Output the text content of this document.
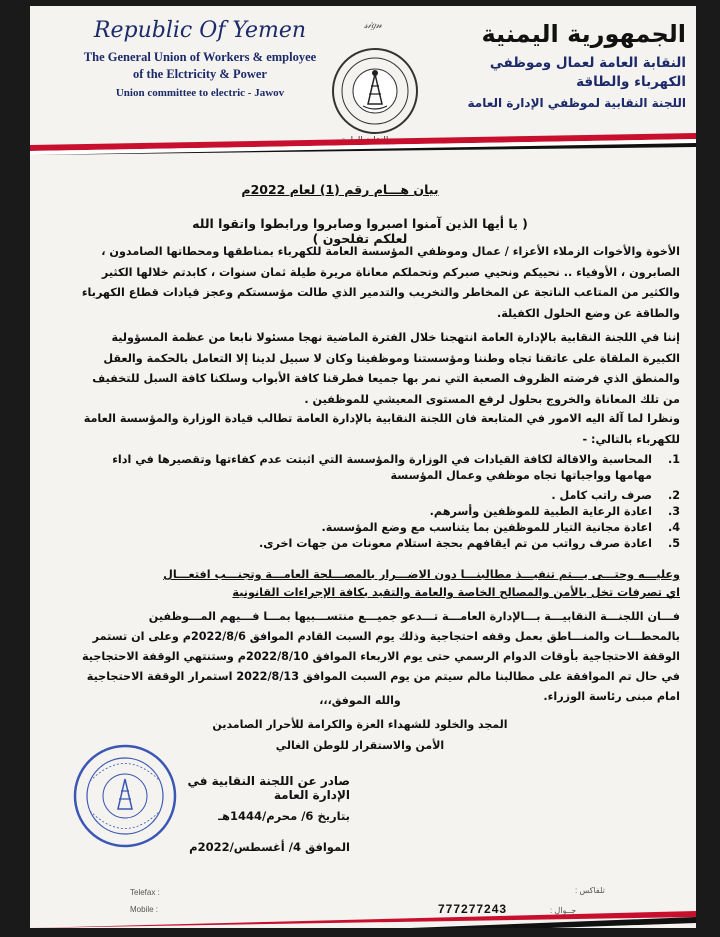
Republic Of Yemen
The General Union of Workers & employee
of the Elctricity & Power
Union committee to electric - Jawov
𝓈𝒾𝑔𝓃	الجمهورية اليمنية
النقابة العامة لعمال وموظفي
الكهرباء والطاقة
اللجنة النقابية لموظفي الإدارة العامة
بيان هـــام رقم (1) لعام 2022م
( يا أيها الذين آمنوا اصبروا وصابروا ورابطوا واتقوا الله لعلكم تفلحون )
الأخوة والأخوات الزملاء الأعزاء / عمال وموظفي المؤسسة العامة للكهرباء بمناطقها ومحطاتها الصامدون ، الصابرون ، الأوفياء .. نحييكم ونحيي صبركم وتحملكم معاناة مريرة طيلة ثمان سنوات ، كابدتم خلالها الكثير والكثير من المتاعب الناتجة عن المخاطر والتخريب والتدمير الذي طالت مؤسستكم وعجز قيادات قطاع الكهرباء والطاقة عن وضع الحلول الكفيلة.
إننا في اللجنة النقابية بالإدارة العامة انتهجنا خلال الفترة الماضية نهجا مسئولا نابعا من عظمة المسؤولية الكبيرة الملقاة على عاتقنا تجاه وطننا ومؤسستنا وموظفينا وكان لا سبيل لدينا إلا التعامل بالحكمة والعقل والمنطق الذي فرضته الظروف الصعبة التي نمر بها جميعا فطرقنا كافة الأبواب وسلكنا كافة السبل للتخفيف من تلك المعاناة والخروج بحلول لرفع المستوى المعيشي للموظفين .
ونظرا لما آلة اليه الامور في المتابعة فان اللجنة النقابية بالإدارة العامة تطالب قيادة الوزارة والمؤسسة العامة للكهرباء بالتالي: -
1.
المحاسبة والاقالة لكافة القيادات في الوزارة والمؤسسة التي اثبتت عدم كفاءتها وتقصيرها في اداء مهامها وواجباتها تجاه موظفي وعمال المؤسسة
2.
صرف راتب كامل .
3.
اعادة الرعاية الطبية للموظفين وأسرهم.
4.
اعادة مجانية التيار للموظفين بما يتناسب مع وضع المؤسسة.
5.
اعادة صرف رواتب من تم ايقافهم بحجة استلام معونات من جهات اخرى.
وعليـــه وحتـــى يـــتم تنفيـــذ مطالبنـــا دون الاضـــرار بالمصـــلحة العامـــة وتجنـــب افتعـــال
اي تصرفات تخل بالأمن والمصالح الخاصة والعامة والتقيد بكافة الإجراءات القانونية
فـــان اللجنـــة النقابيـــة بـــالإدارة العامـــة تـــدعو جميـــع منتســـبيها بمـــا فـــيهم المـــوظفين بالمحطـــات والمنـــاطق بعمل وقفه احتجاجية وذلك يوم السبت القادم الموافق 2022/8/6م وعلى ان تستمر الوقفة الاحتجاجية بأوقات الدوام الرسمي حتى يوم الاربعاء الموافق 2022/8/10م وستنتهي الوقفة الاحتجاجية في حال تم الموافقة على مطالبنا مالم سيتم من يوم السبت الموافق 2022/8/13 استمرار الوقفة الاحتجاجية امام مبنى رئاسة الوزراء.
والله الموفق،،،
المجد والخلود للشهداء العزة والكرامة للأحرار الصامدين
الأمن والاستقرار للوطن الغالي
صادر عن اللجنة النقابية في الإدارة العامة
بتاريخ 6/ محرم/1444هـ
الموافق 4/ أغسطس/2022م
Telefax :
Mobile :
تلفاكس :
جــوال :
777277243
